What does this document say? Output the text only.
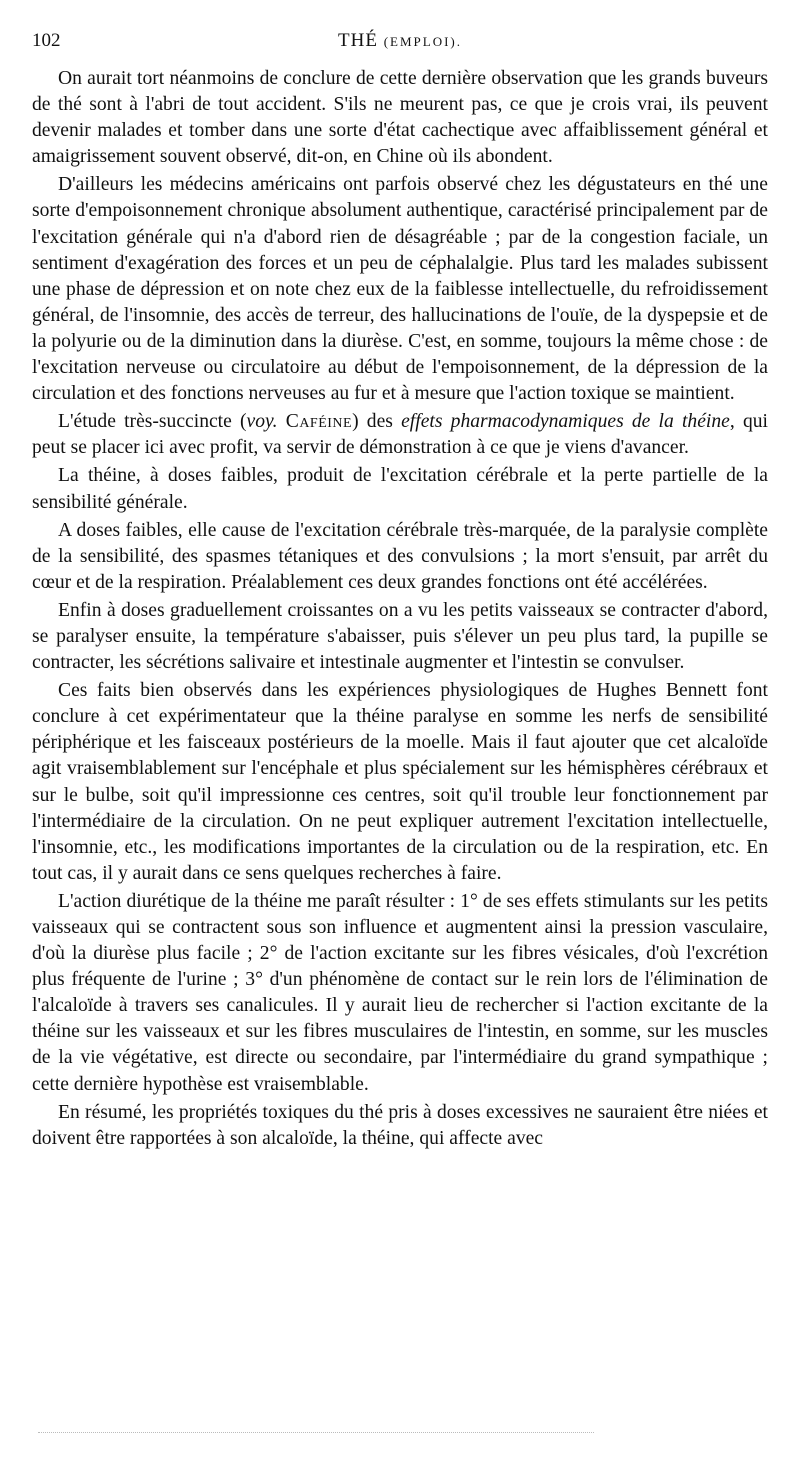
102	THÉ (EMPLOI).

On aurait tort néanmoins de conclure de cette dernière observation que les grands buveurs de thé sont à l'abri de tout accident. S'ils ne meurent pas, ce que je crois vrai, ils peuvent devenir malades et tomber dans une sorte d'état cachectique avec affaiblissement général et amaigrissement souvent observé, dit-on, en Chine où ils abondent.

D'ailleurs les médecins américains ont parfois observé chez les dégustateurs en thé une sorte d'empoisonnement chronique absolument authentique, caractérisé principalement par de l'excitation générale qui n'a d'abord rien de désagréable ; par de la congestion faciale, un sentiment d'exagération des forces et un peu de céphalalgie. Plus tard les malades subissent une phase de dépression et on note chez eux de la faiblesse intellectuelle, du refroidissement général, de l'insomnie, des accès de terreur, des hallucinations de l'ouïe, de la dyspepsie et de la polyurie ou de la diminution dans la diurèse. C'est, en somme, toujours la même chose : de l'excitation nerveuse ou circulatoire au début de l'empoisonnement, de la dépression de la circulation et des fonctions nerveuses au fur et à mesure que l'action toxique se maintient.

L'étude très-succincte (voy. Caféine) des effets pharmacodynamiques de la théine, qui peut se placer ici avec profit, va servir de démonstration à ce que je viens d'avancer.

La théine, à doses faibles, produit de l'excitation cérébrale et la perte partielle de la sensibilité générale.

A doses faibles, elle cause de l'excitation cérébrale très-marquée, de la paralysie complète de la sensibilité, des spasmes tétaniques et des convulsions ; la mort s'ensuit, par arrêt du cœur et de la respiration. Préalablement ces deux grandes fonctions ont été accélérées.

Enfin à doses graduellement croissantes on a vu les petits vaisseaux se contracter d'abord, se paralyser ensuite, la température s'abaisser, puis s'élever un peu plus tard, la pupille se contracter, les sécrétions salivaire et intestinale augmenter et l'intestin se convulser.

Ces faits bien observés dans les expériences physiologiques de Hughes Bennett font conclure à cet expérimentateur que la théine paralyse en somme les nerfs de sensibilité périphérique et les faisceaux postérieurs de la moelle. Mais il faut ajouter que cet alcaloïde agit vraisemblablement sur l'encéphale et plus spécialement sur les hémisphères cérébraux et sur le bulbe, soit qu'il impressionne ces centres, soit qu'il trouble leur fonctionnement par l'intermédiaire de la circulation. On ne peut expliquer autrement l'excitation intellectuelle, l'insomnie, etc., les modifications importantes de la circulation ou de la respiration, etc. En tout cas, il y aurait dans ce sens quelques recherches à faire.

L'action diurétique de la théine me paraît résulter : 1° de ses effets stimulants sur les petits vaisseaux qui se contractent sous son influence et augmentent ainsi la pression vasculaire, d'où la diurèse plus facile ; 2° de l'action excitante sur les fibres vésicales, d'où l'excrétion plus fréquente de l'urine ; 3° d'un phénomène de contact sur le rein lors de l'élimination de l'alcaloïde à travers ses canalicules. Il y aurait lieu de rechercher si l'action excitante de la théine sur les vaisseaux et sur les fibres musculaires de l'intestin, en somme, sur les muscles de la vie végétative, est directe ou secondaire, par l'intermédiaire du grand sympathique ; cette dernière hypothèse est vraisemblable.

En résumé, les propriétés toxiques du thé pris à doses excessives ne sauraient être niées et doivent être rapportées à son alcaloïde, la théine, qui affecte avec
